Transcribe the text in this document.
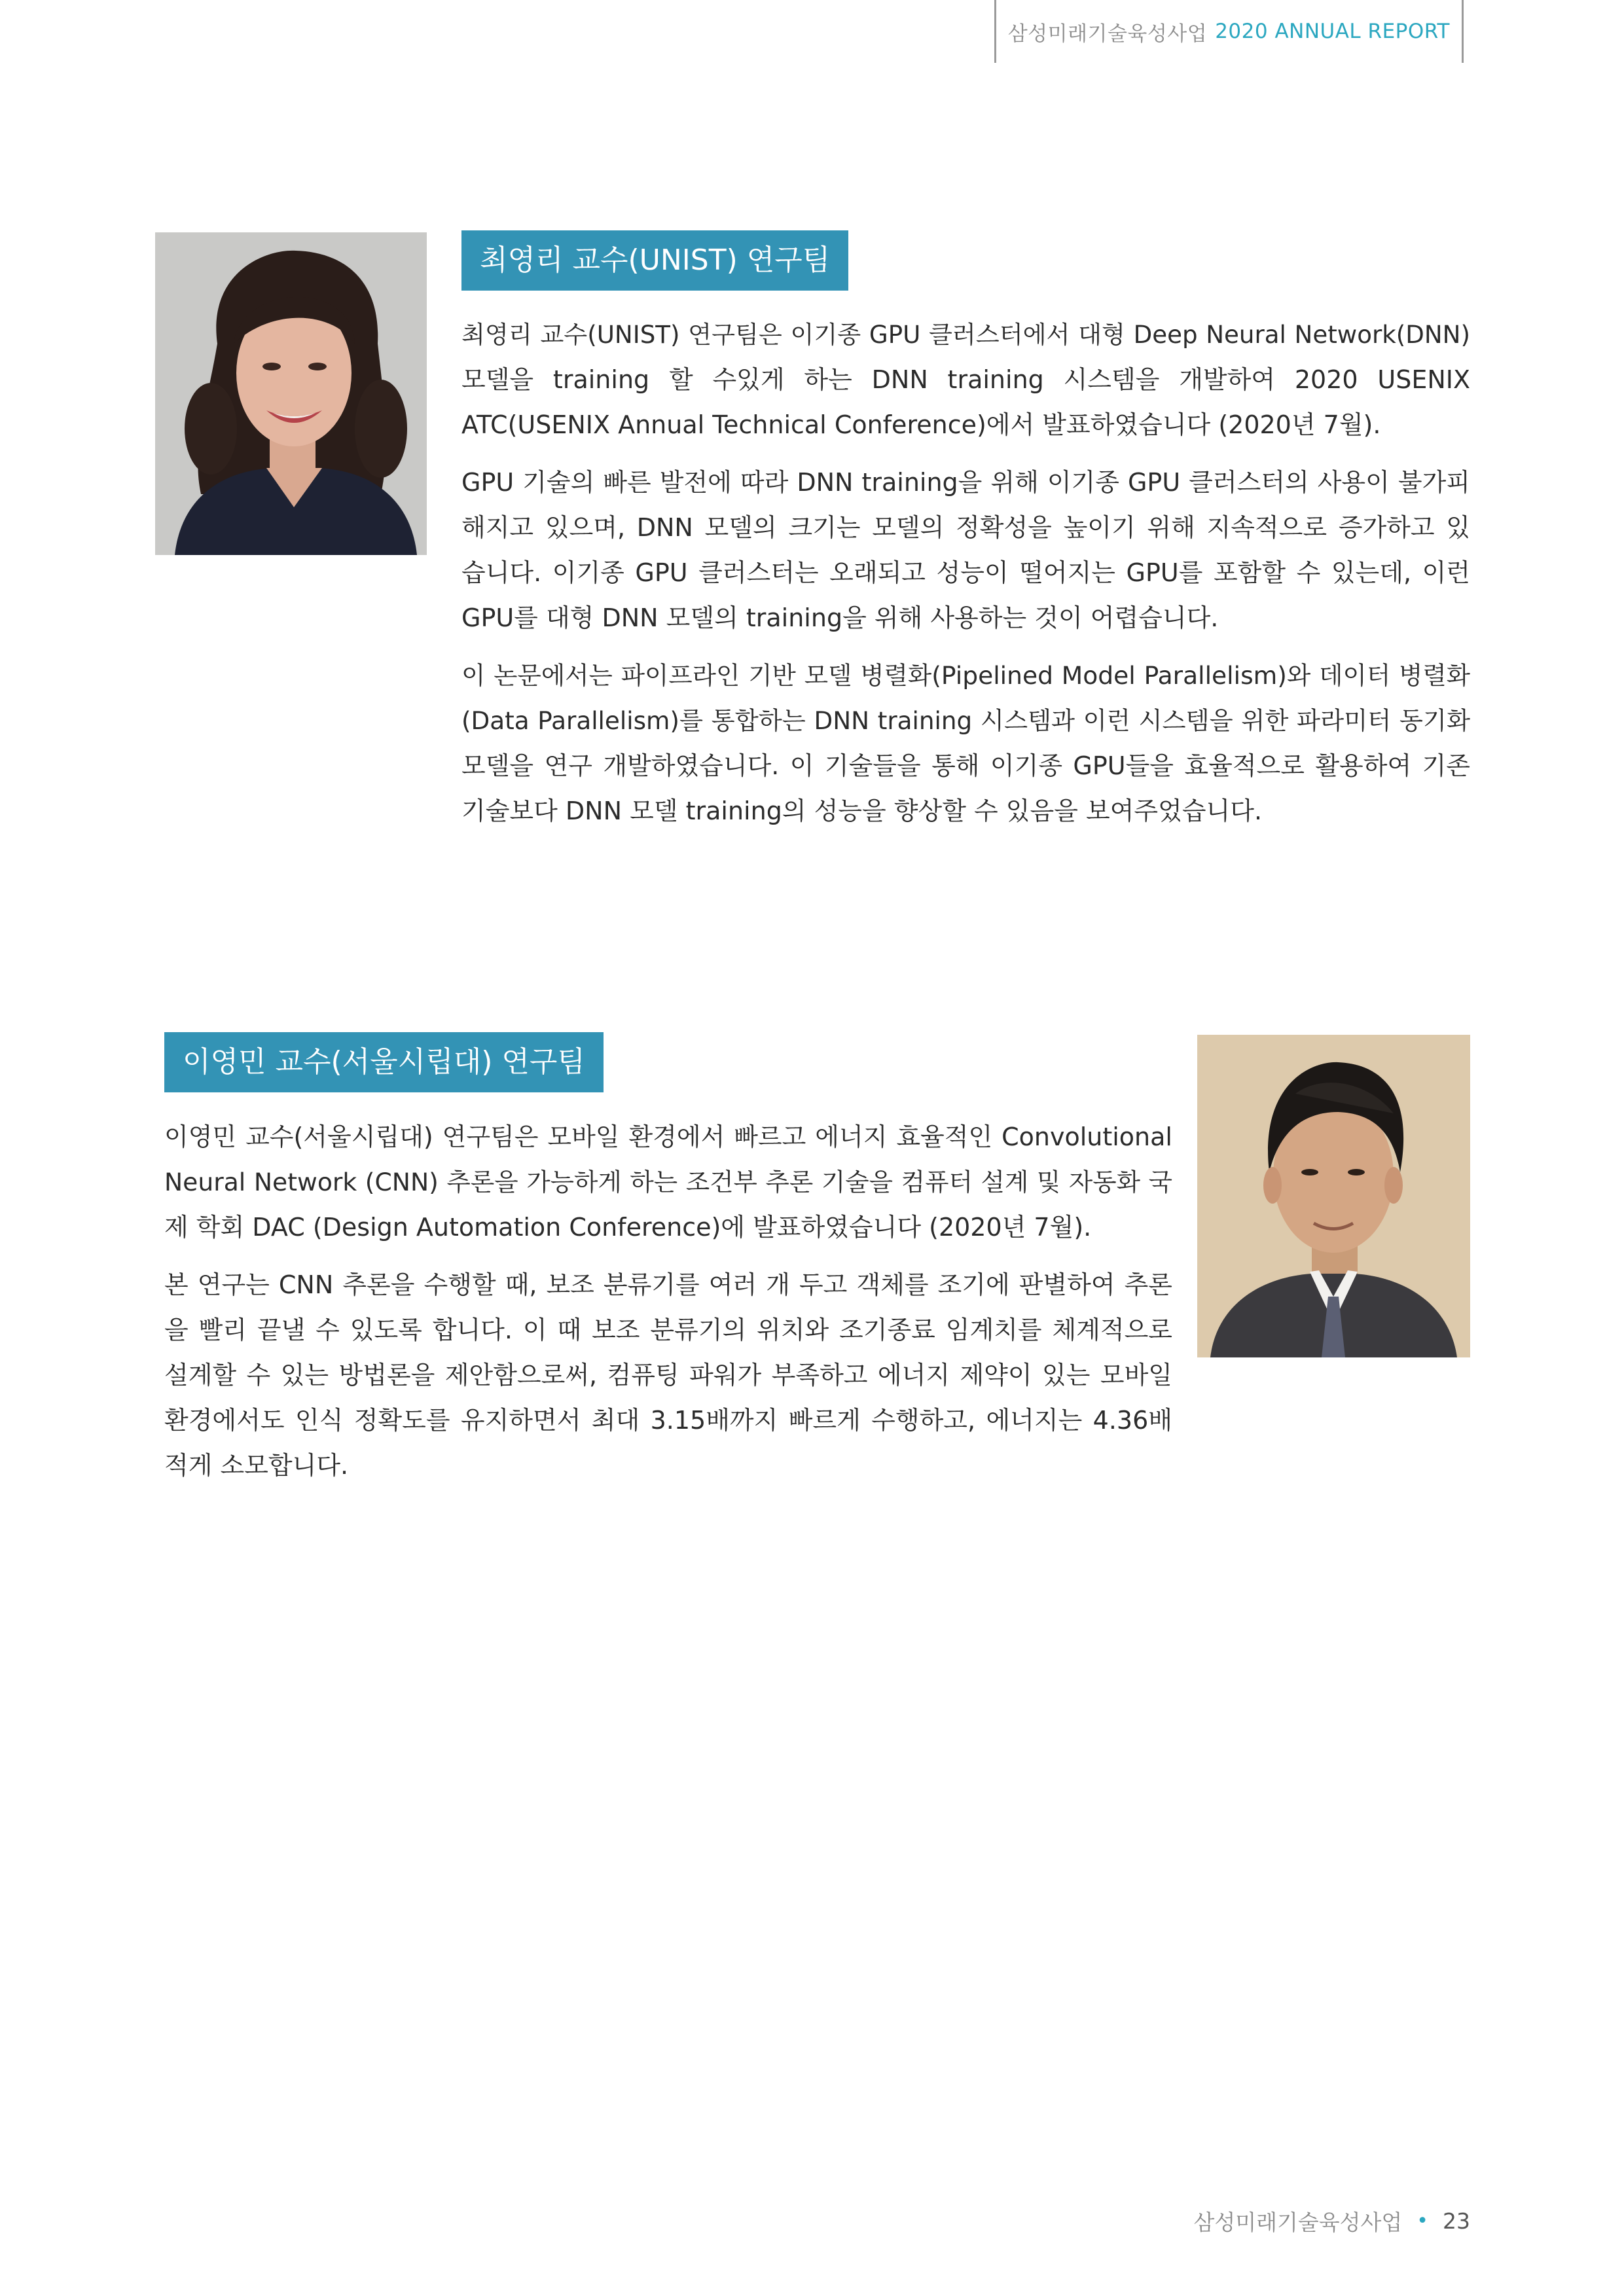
삼성미래기술육성사업 2020 ANNUAL REPORT
최영리 교수(UNIST) 연구팀

최영리 교수(UNIST) 연구팀은 이기종 GPU 클러스터에서 대형 Deep Neural Network(DNN)
모델을 training 할 수있게 하는 DNN training 시스템을 개발하여 2020 USENIX
ATC(USENIX Annual Technical Conference)에서 발표하였습니다 (2020년 7월).

GPU 기술의 빠른 발전에 따라 DNN training을 위해 이기종 GPU 클러스터의 사용이 불가피
해지고 있으며, DNN 모델의 크기는 모델의 정확성을 높이기 위해 지속적으로 증가하고 있
습니다. 이기종 GPU 클러스터는 오래되고 성능이 떨어지는 GPU를 포함할 수 있는데, 이런
GPU를 대형 DNN 모델의 training을 위해 사용하는 것이 어렵습니다.

이 논문에서는 파이프라인 기반 모델 병렬화(Pipelined Model Parallelism)와 데이터 병렬화
(Data Parallelism)를 통합하는 DNN training 시스템과 이런 시스템을 위한 파라미터 동기화
모델을 연구 개발하였습니다. 이 기술들을 통해 이기종 GPU들을 효율적으로 활용하여 기존
기술보다 DNN 모델 training의 성능을 향상할 수 있음을 보여주었습니다.

이영민 교수(서울시립대) 연구팀

이영민 교수(서울시립대) 연구팀은 모바일 환경에서 빠르고 에너지 효율적인 Convolutional
Neural Network (CNN) 추론을 가능하게 하는 조건부 추론 기술을 컴퓨터 설계 및 자동화 국
제 학회 DAC (Design Automation Conference)에 발표하였습니다 (2020년 7월).

본 연구는 CNN 추론을 수행할 때, 보조 분류기를 여러 개 두고 객체를 조기에 판별하여 추론
을 빨리 끝낼 수 있도록 합니다. 이 때 보조 분류기의 위치와 조기종료 임계치를 체계적으로
설계할 수 있는 방법론을 제안함으로써, 컴퓨팅 파워가 부족하고 에너지 제약이 있는 모바일
환경에서도 인식 정확도를 유지하면서 최대 3.15배까지 빠르게 수행하고, 에너지는 4.36배
적게 소모합니다.

삼성미래기술육성사업 • 23
